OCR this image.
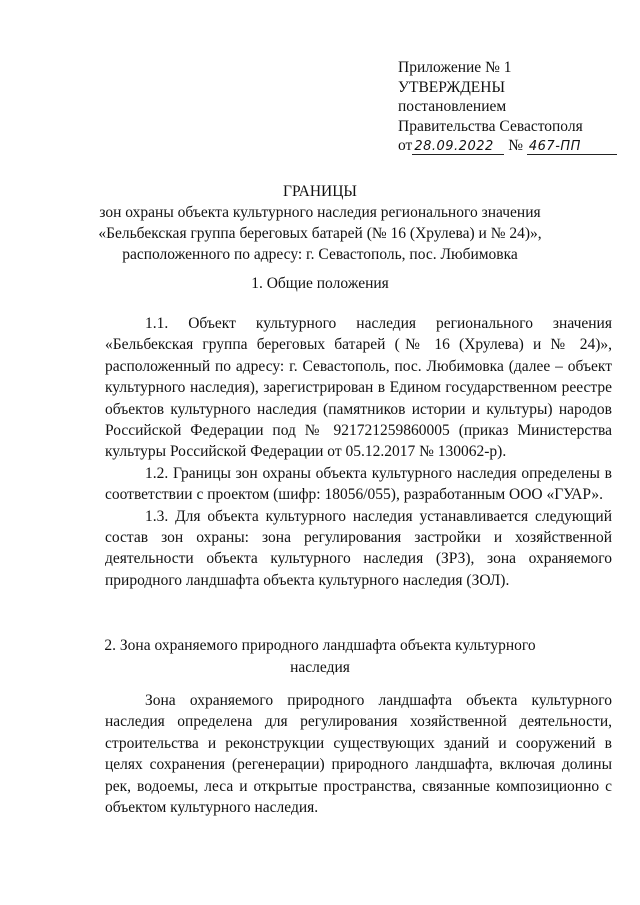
Приложение № 1
УТВЕРЖДЕНЫ
постановлением
Правительства Севастополя
от 28.09.2022 № 467-ПП
ГРАНИЦЫ
зон охраны объекта культурного наследия регионального значения
«Бельбекская группа береговых батарей (№ 16 (Хрулева) и № 24)»,
расположенного по адресу: г. Севастополь, пос. Любимовка
1. Общие положения

1.1. Объект культурного наследия регионального значения «Бельбекская группа береговых батарей (№ 16 (Хрулева) и № 24)», расположенный по адресу: г. Севастополь, пос. Любимовка (далее – объект культурного наследия), зарегистрирован в Едином государственном реестре объектов культурного наследия (памятников истории и культуры) народов Российской Федерации под № 921721259860005 (приказ Министерства культуры Российской Федерации от 05.12.2017 № 130062-р).

1.2. Границы зон охраны объекта культурного наследия определены в соответствии с проектом (шифр: 18056/055), разработанным ООО «ГУАР».

1.3. Для объекта культурного наследия устанавливается следующий состав зон охраны: зона регулирования застройки и хозяйственной деятельности объекта культурного наследия (ЗРЗ), зона охраняемого природного ландшафта объекта культурного наследия (ЗОЛ).

2. Зона охраняемого природного ландшафта объекта культурного
наследия

Зона охраняемого природного ландшафта объекта культурного наследия определена для регулирования хозяйственной деятельности, строительства и реконструкции существующих зданий и сооружений в целях сохранения (регенерации) природного ландшафта, включая долины рек, водоемы, леса и открытые пространства, связанные композиционно с объектом культурного наследия.
